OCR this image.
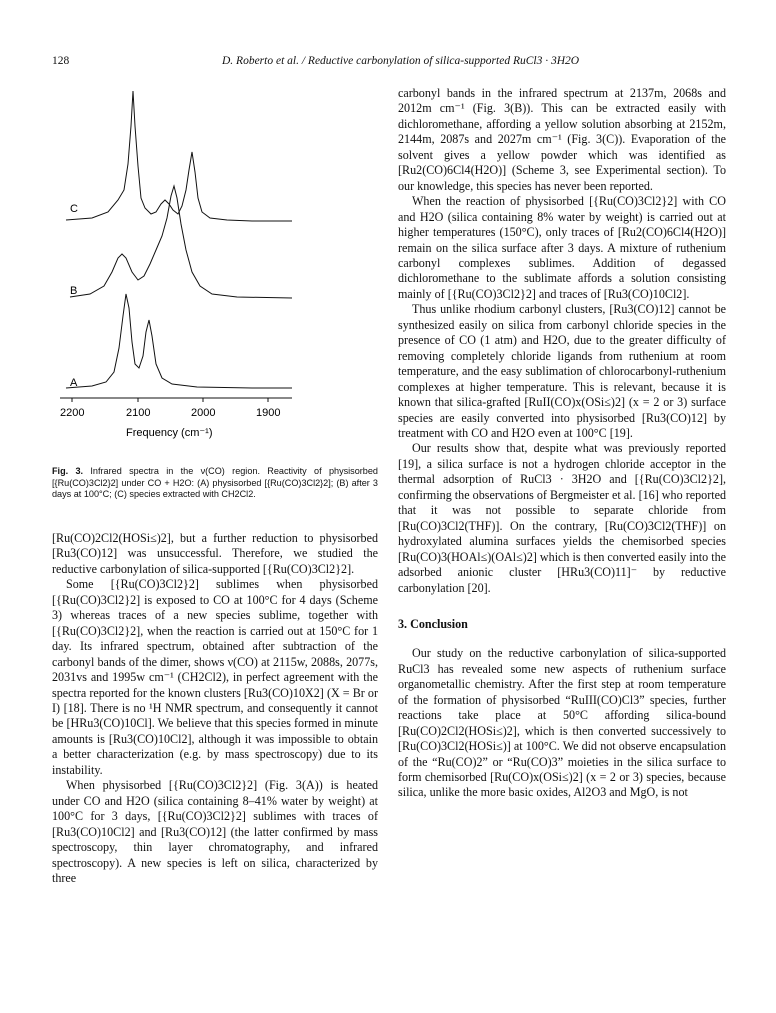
128	D. Roberto et al. / Reductive carbonylation of silica-supported RuCl3 · 3H2O
C
B
A
2200	2100	2000	1900
Frequency (cm⁻¹)
Fig. 3. Infrared spectra in the ν(CO) region. Reactivity of physisorbed [{Ru(CO)3Cl2}2] under CO + H2O: (A) physisorbed [{Ru(CO)3Cl2}2]; (B) after 3 days at 100°C; (C) species extracted with CH2Cl2.

[Ru(CO)2Cl2(HOSi≤)2], but a further reduction to physisorbed [Ru3(CO)12] was unsuccessful. Therefore, we studied the reductive carbonylation of silica-supported [{Ru(CO)3Cl2}2].

Some [{Ru(CO)3Cl2}2] sublimes when physisorbed [{Ru(CO)3Cl2}2] is exposed to CO at 100°C for 4 days (Scheme 3) whereas traces of a new species sublime, together with [{Ru(CO)3Cl2}2], when the reaction is carried out at 150°C for 1 day. Its infrared spectrum, obtained after subtraction of the carbonyl bands of the dimer, shows ν(CO) at 2115w, 2088s, 2077s, 2031vs and 1995w cm⁻¹ (CH2Cl2), in perfect agreement with the spectra reported for the known clusters [Ru3(CO)10X2] (X = Br or I) [18]. There is no ¹H NMR spectrum, and consequently it cannot be [HRu3(CO)10Cl]. We believe that this species formed in minute amounts is [Ru3(CO)10Cl2], although it was impossible to obtain a better characterization (e.g. by mass spectroscopy) due to its instability.

When physisorbed [{Ru(CO)3Cl2}2] (Fig. 3(A)) is heated under CO and H2O (silica containing 8–41% water by weight) at 100°C for 3 days, [{Ru(CO)3Cl2}2] sublimes with traces of [Ru3(CO)10Cl2] and [Ru3(CO)12] (the latter confirmed by mass spectroscopy, thin layer chromatography, and infrared spectroscopy). A new species is left on silica, characterized by three

carbonyl bands in the infrared spectrum at 2137m, 2068s and 2012m cm⁻¹ (Fig. 3(B)). This can be extracted easily with dichloromethane, affording a yellow solution absorbing at 2152m, 2144m, 2087s and 2027m cm⁻¹ (Fig. 3(C)). Evaporation of the solvent gives a yellow powder which was identified as [Ru2(CO)6Cl4(H2O)] (Scheme 3, see Experimental section). To our knowledge, this species has never been reported.

When the reaction of physisorbed [{Ru(CO)3Cl2}2] with CO and H2O (silica containing 8% water by weight) is carried out at higher temperatures (150°C), only traces of [Ru2(CO)6Cl4(H2O)] remain on the silica surface after 3 days. A mixture of ruthenium carbonyl complexes sublimes. Addition of degassed dichloromethane to the sublimate affords a solution consisting mainly of [{Ru(CO)3Cl2}2] and traces of [Ru3(CO)10Cl2].

Thus unlike rhodium carbonyl clusters, [Ru3(CO)12] cannot be synthesized easily on silica from carbonyl chloride species in the presence of CO (1 atm) and H2O, due to the greater difficulty of removing completely chloride ligands from ruthenium at room temperature, and the easy sublimation of chlorocarbonyl-ruthenium complexes at higher temperature. This is relevant, because it is known that silica-grafted [RuII(CO)x(OSi≤)2] (x = 2 or 3) surface species are easily converted into physisorbed [Ru3(CO)12] by treatment with CO and H2O even at 100°C [19].

Our results show that, despite what was previously reported [19], a silica surface is not a hydrogen chloride acceptor in the thermal adsorption of RuCl3 · 3H2O and [{Ru(CO)3Cl2}2], confirming the observations of Bergmeister et al. [16] who reported that it was not possible to separate chloride from [Ru(CO)3Cl2(THF)]. On the contrary, [Ru(CO)3Cl2(THF)] on hydroxylated alumina surfaces yields the chemisorbed species [Ru(CO)3(HOAl≤)(OAl≤)2] which is then converted easily into the adsorbed anionic cluster [HRu3(CO)11]⁻ by reductive carbonylation [20].

3. Conclusion

Our study on the reductive carbonylation of silica-supported RuCl3 has revealed some new aspects of ruthenium surface organometallic chemistry. After the first step at room temperature of the formation of physisorbed “RuIII(CO)Cl3” species, further reactions take place at 50°C affording silica-bound [Ru(CO)2Cl2(HOSi≤)2], which is then converted successively to [Ru(CO)3Cl2(HOSi≤)] at 100°C. We did not observe encapsulation of the “Ru(CO)2” or “Ru(CO)3” moieties in the silica surface to form chemisorbed [Ru(CO)x(OSi≤)2] (x = 2 or 3) species, because silica, unlike the more basic oxides, Al2O3 and MgO, is not
